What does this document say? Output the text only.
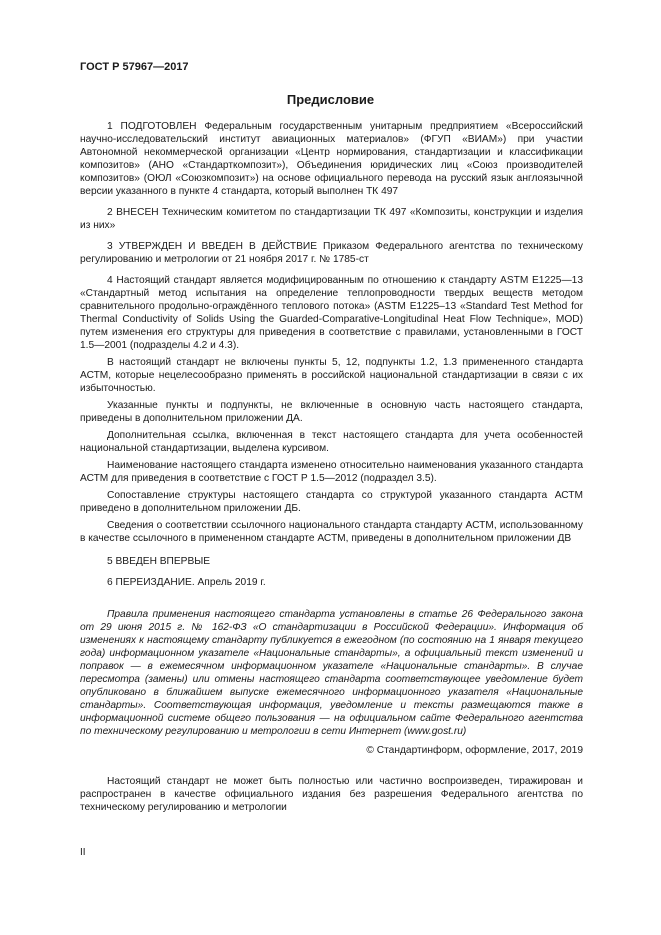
ГОСТ Р 57967—2017
Предисловие

1 ПОДГОТОВЛЕН Федеральным государственным унитарным предприятием «Всероссийский научно-исследовательский институт авиационных материалов» (ФГУП «ВИАМ») при участии Автономной некоммерческой организации «Центр нормирования, стандартизации и классификации композитов» (АНО «Стандарткомпозит»), Объединения юридических лиц «Союз производителей композитов» (ОЮЛ «Союзкомпозит») на основе официального перевода на русский язык англоязычной версии указанного в пункте 4 стандарта, который выполнен ТК 497

2 ВНЕСЕН Техническим комитетом по стандартизации ТК 497 «Композиты, конструкции и изделия из них»

3 УТВЕРЖДЕН И ВВЕДЕН В ДЕЙСТВИЕ Приказом Федерального агентства по техническому регулированию и метрологии от 21 ноября 2017 г. № 1785-ст

4 Настоящий стандарт является модифицированным по отношению к стандарту ASTM E1225—13 «Стандартный метод испытания на определение теплопроводности твердых веществ методом сравнительного продольно-ограждённого теплового потока» (ASTM E1225–13 «Standard Test Method for Thermal Conductivity of Solids Using the Guarded-Comparative-Longitudinal Heat Flow Technique», MOD) путем изменения его структуры для приведения в соответствие с правилами, установленными в ГОСТ 1.5—2001 (подразделы 4.2 и 4.3).

В настоящий стандарт не включены пункты 5, 12, подпункты 1.2, 1.3 примененного стандарта АСТМ, которые нецелесообразно применять в российской национальной стандартизации в связи с их избыточностью.

Указанные пункты и подпункты, не включенные в основную часть настоящего стандарта, приведены в дополнительном приложении ДА.

Дополнительная ссылка, включенная в текст настоящего стандарта для учета особенностей национальной стандартизации, выделена курсивом.

Наименование настоящего стандарта изменено относительно наименования указанного стандарта АСТМ для приведения в соответствие с ГОСТ Р 1.5—2012 (подраздел 3.5).

Сопоставление структуры настоящего стандарта со структурой указанного стандарта АСТМ приведено в дополнительном приложении ДБ.

Сведения о соответствии ссылочного национального стандарта стандарту АСТМ, использованному в качестве ссылочного в примененном стандарте АСТМ, приведены в дополнительном приложении ДВ

5 ВВЕДЕН ВПЕРВЫЕ

6 ПЕРЕИЗДАНИЕ. Апрель 2019 г.

Правила применения настоящего стандарта установлены в статье 26 Федерального закона от 29 июня 2015 г. № 162-ФЗ «О стандартизации в Российской Федерации». Информация об изменениях к настоящему стандарту публикуется в ежегодном (по состоянию на 1 января текущего года) информационном указателе «Национальные стандарты», а официальный текст изменений и поправок — в ежемесячном информационном указателе «Национальные стандарты». В случае пересмотра (замены) или отмены настоящего стандарта соответствующее уведомление будет опубликовано в ближайшем выпуске ежемесячного информационного указателя «Национальные стандарты». Соответствующая информация, уведомление и тексты размещаются также в информационной системе общего пользования — на официальном сайте Федерального агентства по техническому регулированию и метрологии в сети Интернет (www.gost.ru)

© Стандартинформ, оформление, 2017, 2019

Настоящий стандарт не может быть полностью или частично воспроизведен, тиражирован и распространен в качестве официального издания без разрешения Федерального агентства по техническому регулированию и метрологии

II
